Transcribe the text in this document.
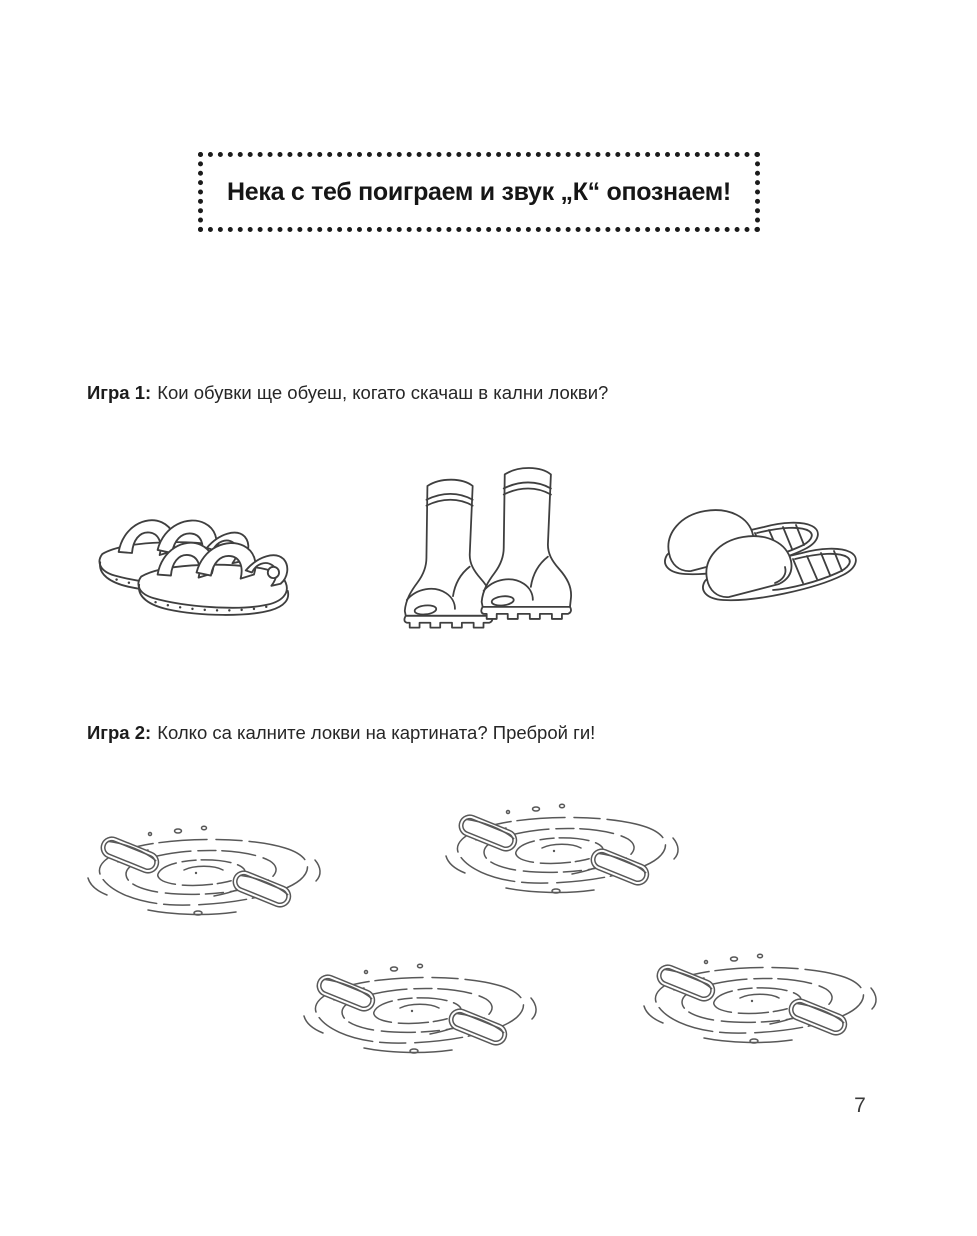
Нека с теб поиграем и звук „К“ опознаем!

Игра 1: Кои обувки ще обуеш, когато скачаш в кални локви?

Игра 2: Колко са калните локви на картината? Преброй ги!

7
